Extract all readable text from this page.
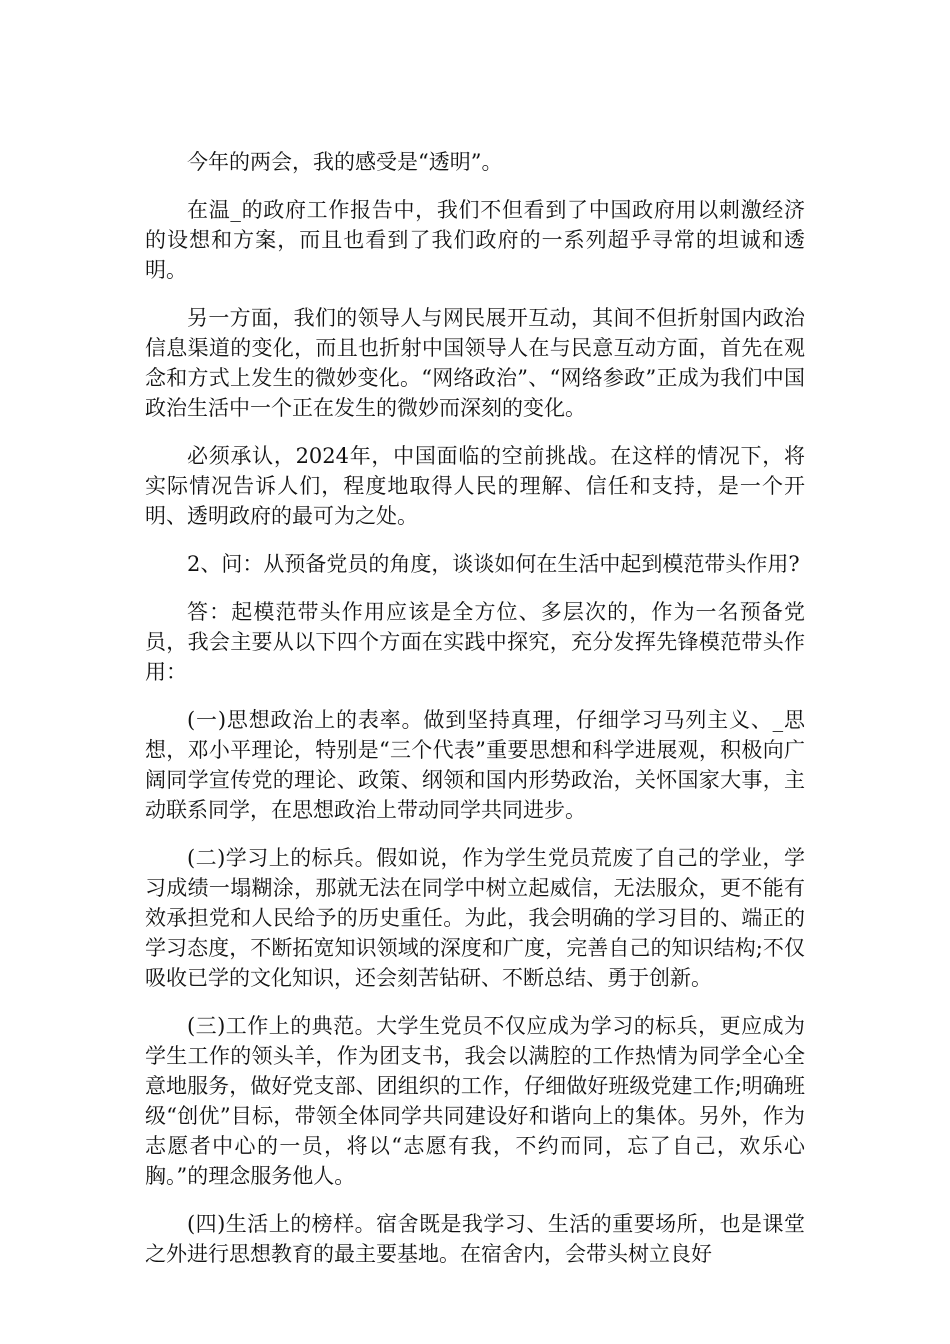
今年的两会，我的感受是“透明”。

在温_的政府工作报告中，我们不但看到了中国政府用以刺激经济的设想和方案，而且也看到了我们政府的一系列超乎寻常的坦诚和透明。

另一方面，我们的领导人与网民展开互动，其间不但折射国内政治信息渠道的变化，而且也折射中国领导人在与民意互动方面，首先在观念和方式上发生的微妙变化。“网络政治”、“网络参政”正成为我们中国政治生活中一个正在发生的微妙而深刻的变化。

必须承认，2024年，中国面临的空前挑战。在这样的情况下，将实际情况告诉人们，程度地取得人民的理解、信任和支持，是一个开明、透明政府的最可为之处。

2、问：从预备党员的角度，谈谈如何在生活中起到模范带头作用?

答：起模范带头作用应该是全方位、多层次的，作为一名预备党员，我会主要从以下四个方面在实践中探究，充分发挥先锋模范带头作用：

(一)思想政治上的表率。做到坚持真理，仔细学习马列主义、_思想，邓小平理论，特别是“三个代表”重要思想和科学进展观，积极向广阔同学宣传党的理论、政策、纲领和国内形势政治，关怀国家大事，主动联系同学，在思想政治上带动同学共同进步。

(二)学习上的标兵。假如说，作为学生党员荒废了自己的学业，学习成绩一塌糊涂，那就无法在同学中树立起威信，无法服众，更不能有效承担党和人民给予的历史重任。为此，我会明确的学习目的、端正的学习态度，不断拓宽知识领域的深度和广度，完善自己的知识结构;不仅吸收已学的文化知识，还会刻苦钻研、不断总结、勇于创新。

(三)工作上的典范。大学生党员不仅应成为学习的标兵，更应成为学生工作的领头羊，作为团支书，我会以满腔的工作热情为同学全心全意地服务，做好党支部、团组织的工作，仔细做好班级党建工作;明确班级“创优”目标，带领全体同学共同建设好和谐向上的集体。另外，作为志愿者中心的一员，将以“志愿有我，不约而同，忘了自己，欢乐心胸。”的理念服务他人。

(四)生活上的榜样。宿舍既是我学习、生活的重要场所，也是课堂之外进行思想教育的最主要基地。在宿舍内，会带头树立良好
